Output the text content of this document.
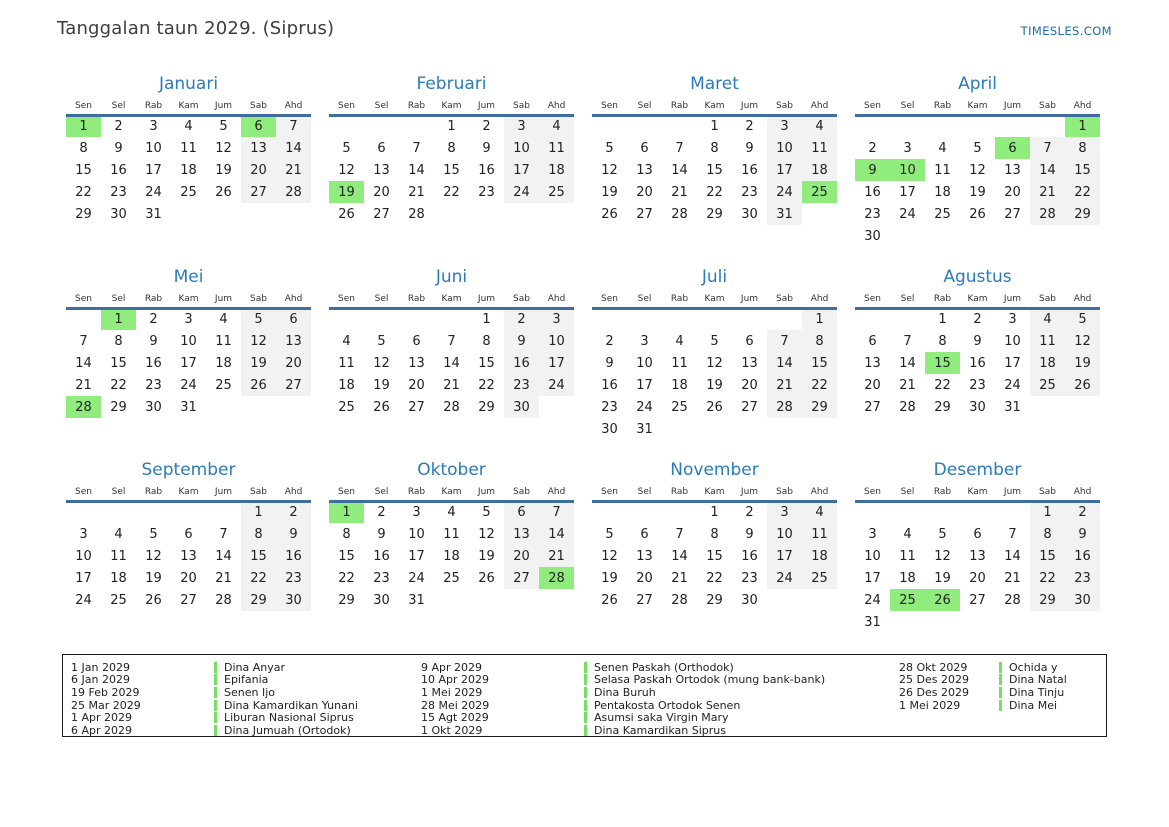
Tanggalan taun 2029. (Siprus)	TIMESLES.COM
Januari
Sen	Sel	Rab	Kam	Jum	Sab	Ahd
1	2	3	4	5	6	7
8	9	10	11	12	13	14
15	16	17	18	19	20	21
22	23	24	25	26	27	28
29	30	31				
Februari
Sen	Sel	Rab	Kam	Jum	Sab	Ahd
			1	2	3	4
5	6	7	8	9	10	11
12	13	14	15	16	17	18
19	20	21	22	23	24	25
26	27	28				
Maret
Sen	Sel	Rab	Kam	Jum	Sab	Ahd
			1	2	3	4
5	6	7	8	9	10	11
12	13	14	15	16	17	18
19	20	21	22	23	24	25
26	27	28	29	30	31	
April
Sen	Sel	Rab	Kam	Jum	Sab	Ahd
						1
2	3	4	5	6	7	8
9	10	11	12	13	14	15
16	17	18	19	20	21	22
23	24	25	26	27	28	29
30						
Mei
Sen	Sel	Rab	Kam	Jum	Sab	Ahd
	1	2	3	4	5	6
7	8	9	10	11	12	13
14	15	16	17	18	19	20
21	22	23	24	25	26	27
28	29	30	31			
Juni
Sen	Sel	Rab	Kam	Jum	Sab	Ahd
				1	2	3
4	5	6	7	8	9	10
11	12	13	14	15	16	17
18	19	20	21	22	23	24
25	26	27	28	29	30	
Juli
Sen	Sel	Rab	Kam	Jum	Sab	Ahd
						1
2	3	4	5	6	7	8
9	10	11	12	13	14	15
16	17	18	19	20	21	22
23	24	25	26	27	28	29
30	31					
Agustus
Sen	Sel	Rab	Kam	Jum	Sab	Ahd
		1	2	3	4	5
6	7	8	9	10	11	12
13	14	15	16	17	18	19
20	21	22	23	24	25	26
27	28	29	30	31		
September
Sen	Sel	Rab	Kam	Jum	Sab	Ahd
					1	2
3	4	5	6	7	8	9
10	11	12	13	14	15	16
17	18	19	20	21	22	23
24	25	26	27	28	29	30
Oktober
Sen	Sel	Rab	Kam	Jum	Sab	Ahd
1	2	3	4	5	6	7
8	9	10	11	12	13	14
15	16	17	18	19	20	21
22	23	24	25	26	27	28
29	30	31				
November
Sen	Sel	Rab	Kam	Jum	Sab	Ahd
			1	2	3	4
5	6	7	8	9	10	11
12	13	14	15	16	17	18
19	20	21	22	23	24	25
26	27	28	29	30		
Desember
Sen	Sel	Rab	Kam	Jum	Sab	Ahd
					1	2
3	4	5	6	7	8	9
10	11	12	13	14	15	16
17	18	19	20	21	22	23
24	25	26	27	28	29	30
31						
1 Jan 2029	Dina Anyar
6 Jan 2029	Epifania
19 Feb 2029	Senen Ijo
25 Mar 2029	Dina Kamardikan Yunani
1 Apr 2029	Liburan Nasional Siprus
6 Apr 2029	Dina Jumuah (Ortodok)
9 Apr 2029	Senen Paskah (Orthodok)
10 Apr 2029	Selasa Paskah Ortodok (mung bank-bank)
1 Mei 2029	Dina Buruh
28 Mei 2029	Pentakosta Ortodok Senen
15 Agt 2029	Asumsi saka Virgin Mary
1 Okt 2029	Dina Kamardikan Siprus
28 Okt 2029	Ochida y
25 Des 2029	Dina Natal
26 Des 2029	Dina Tinju
1 Mei 2029	Dina Mei
